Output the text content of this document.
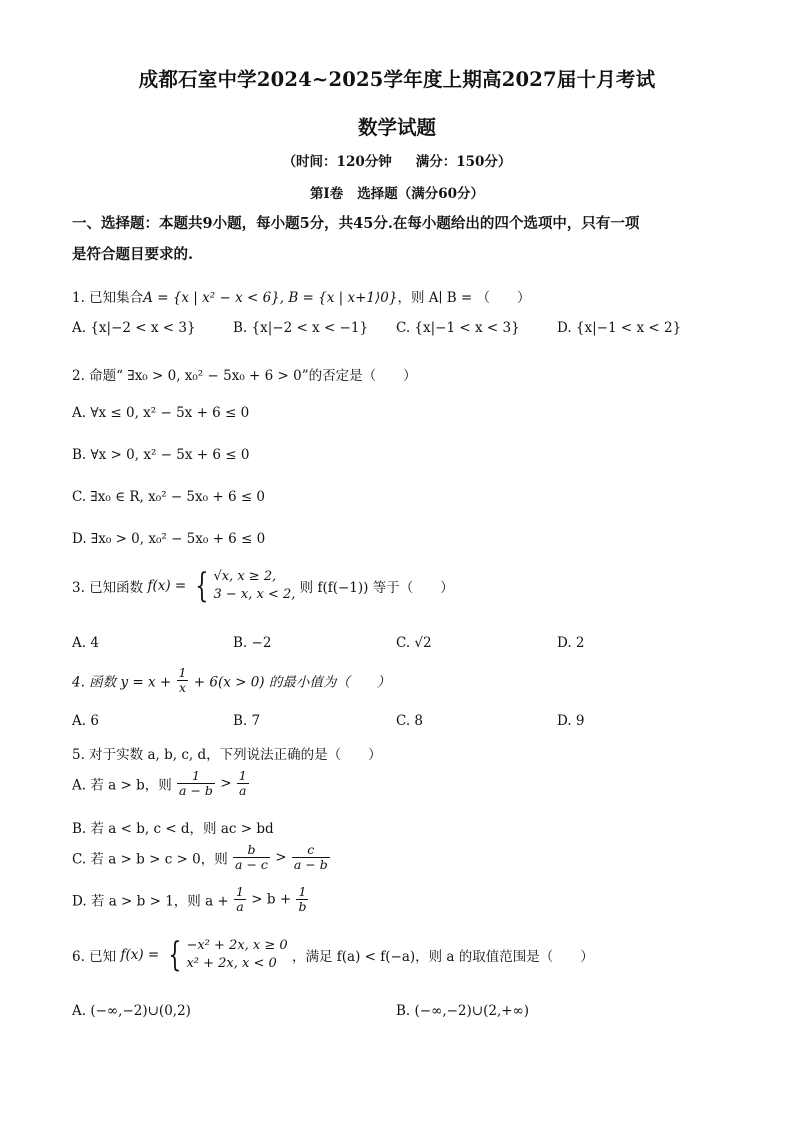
成都石室中学2024~2025学年度上期高2027届十月考试
数学试题
（时间：120分钟 满分：150分）
第Ⅰ卷 选择题（满分60分）
一、选择题：本题共9小题，每小题5分，共45分.在每小题给出的四个选项中，只有一项
是符合题目要求的.
1. 已知集合A = {x | x² − x < 6}, B = {x | x+1⟩0}，则 A∣ B = （　　）
A. {x|−2 < x < 3}	B. {x|−2 < x < −1} C. {x|−1 < x < 3}	D. {x|−1 < x < 2}
2. 命题“ ∃x₀ > 0, x₀² − 5x₀ + 6 > 0”的否定是（　　）
A. ∀x ≤ 0, x² − 5x + 6 ≤ 0
B. ∀x > 0, x² − 5x + 6 ≤ 0
C. ∃x₀ ∈ R, x₀² − 5x₀ + 6 ≤ 0
D. ∃x₀ > 0, x₀² − 5x₀ + 6 ≤ 0
3. 已知函数 f(x) = { √x, x ≥ 2,
3 − x, x < 2, 则 f(f(−1)) 等于（　　）
A. 4	B. −2	C. √2	D. 2
4. 函数 $y = x + \frac{1}{x} + 6(x > 0)$ 的最小值为（　　）
A. 6	B. 7	C. 8	D. 9
5. 对于实数 a, b, c, d，下列说法正确的是（　　）
A. 若 a > b，则 $\frac{1}{a - b} > \frac{1}{a}$
B. 若 a < b, c < d，则 ac > bd
C. 若 a > b > c > 0，则 $\frac{b}{a - c} > \frac{c}{a - b}$
D. 若 a > b > 1，则 $a + \frac{1}{a} > b + \frac{1}{b}$
6. 已知 f(x) = { −x² + 2x, x ≥ 0
x² + 2x, x < 0	，满足 f(a) < f(−a)，则 a 的取值范围是（　　）
A. (−∞,−2)∪(0,2)	B. (−∞,−2)∪(2,+∞)
